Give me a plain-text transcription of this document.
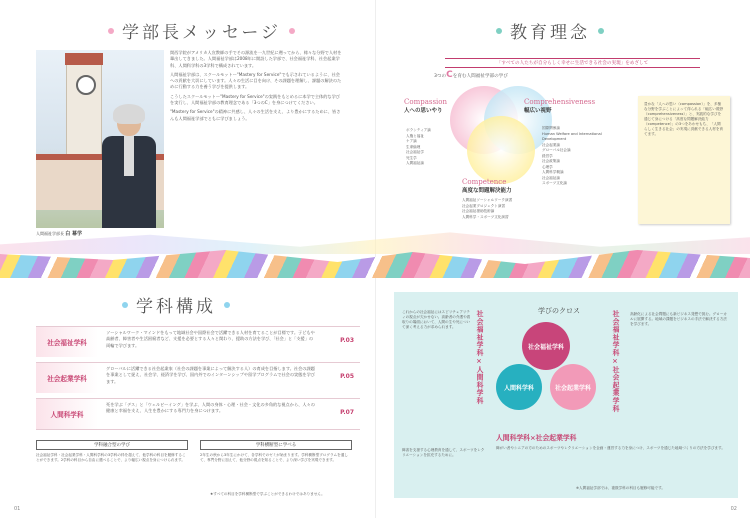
学部長メッセージ
人間福祉学部長 白 幕学

関西学院がアメリカ人宣教師の手でその源流を一九世紀に遡ってから、様々な分野で人材を輩出してきました。人間福祉学部は2008年に開設した学部で、社会福祉学科、社会起業学科、人間科学科の3学科で構成されています。

人間福祉学部は、スクールモットー"Mastery for Service"でも示されているように、社会への貢献を大切にしています。人々の生活に目を向け、その課題を理解し、課題の解決のために行動する力を養う学びを提供します。

こうしたスクールモットー"Mastery for Service"の実践をもとめるに本学で主体的な学びを実行し、人間福祉学部の教育理念である「3つのC」を身につけてください。

"Mastery for Service"の精神に共感し、人々の生活を支え、より豊かにするために、皆さんも人間福祉学部でともに学びましょう。

学科構成
社会福祉学科
ソーシャルワーク・マインドをもって地域社会や国際社会で活躍できる人材を育てることが目標です。子どもや高齢者、障害者や生活困窮者など、支援を必要とする人々と関わり、援助の方法を学び、「社会」と「支援」の両輪で学びます。
P.03
社会起業学科
グローバルに活躍できる社会起業家（社会の課題を事業によって解決する人）の育成を目指します。社会の課題を事業として捉え、社会学、経済学を学び、国内外でのインターンシップや留学プログラムで社会の実態を学びます。
P.05
人間科学科
死を学ぶ「デス」と「ウェルビーイング」を学ぶ、人間の身体・心理・社会・文化の多角的な視点から、人々の健康と幸福を支え、人生を豊かにする専門力を身につけます。	P.07
学科融合型の学び
社会福祉学科・社会起業学科・人間科学科の3学科の枠を超えて、他学科の科目を履修することができます。2学科の科目から自由に選べることで、より幅広い視点を身につけられます。
学科横断型に学べる
2年生の秋から3年生にかけて、各学科でのゼミが始まります。学科横断型プログラムを通して、専門分野に加えて、他分野の視点を知ることで、より深い学びを実現できます。
★すべての科目を学科横断型で学ぶことができるわけではありません。
01
教育理念
「すべての人たちが自分らしく幸せに生活できる社会の実現」をめざして
3つのCを育む人間福祉学部の学び
Compassion
人への思いやり
Comprehensiveness
幅広い視野
Competence
高度な問題解決能力
ボランティア論
人権と福祉
ケア論
生命倫理
社会福祉学
死生学
人間福祉論
国際関係論
Human Welfare and International Development
社会起業論
グローバル社会論
経営学
社会政策論
心理学
人間科学概論
社会福祉論
スポーツ文化論
人間福祉ソーシャルワーク演習
社会起業プロジェクト演習
社会福祉援助技術論
人間科学・スポーツ文化演習
豊かな「人への思い（compassion）」を、多様な分野を学ぶことによって得られる「幅広い視野（comprehensiveness）」と、実践的な学びを通じて身につける「高度な問題解決能力（competence）」の3つをあわせもち、「人間らしく生きる社会」の実現に貢献できる人材を育てます。
学びのクロス
これからの社会福祉にはスピリチュアリティの視点が欠かせない。高齢者の介護や看取りの場面において、人間の生や死について深く考える力が求められます。	社会福祉学科×人間科学科	社会福祉学科×社会起業学科	高齢化による社会問題にも新ビジネス発想で挑む。グローカルに展開する。地域の課題をビジネスの手法で解決する方法を学びます。
社会福祉学科
人間科学科	社会起業学科
人間科学科×社会起業学科
障害を支援する心理教育を通して、スポーツをレクリエーションを拡充するために。
障がい者やシニアの方のためのスポーツやレクリエーションを企画・運営する力を身につけ、スポーツを通じた地域づくりの方法を学びます。
※人間福祉学部では、複数学科の科目も履修可能です。
02
